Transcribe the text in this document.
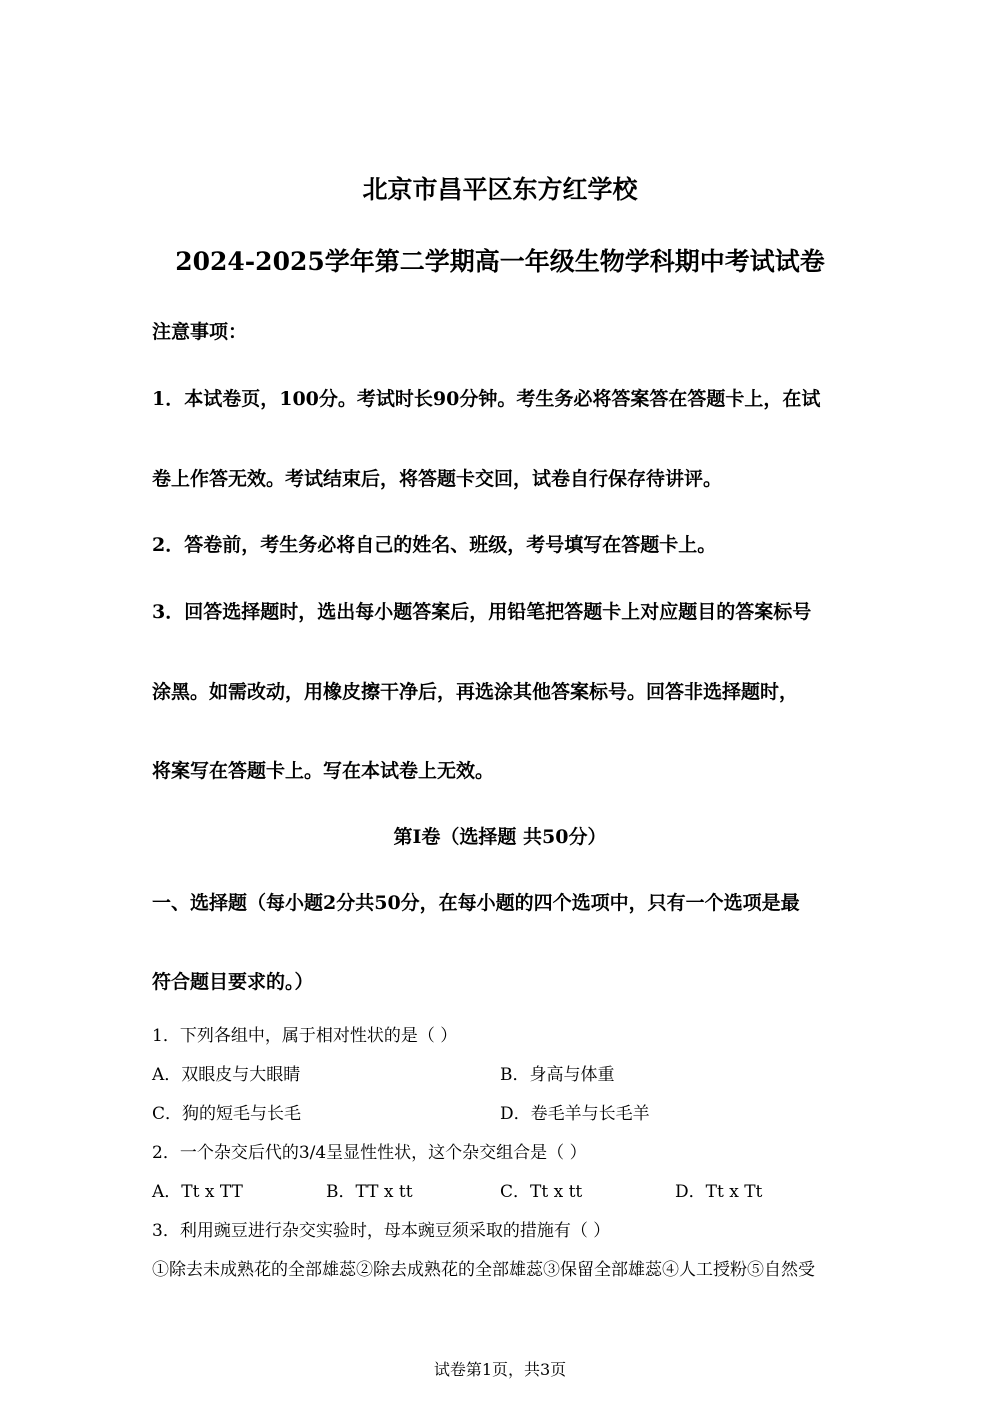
北京市昌平区东方红学校
2024-2025学年第二学期高一年级生物学科期中考试试卷
注意事项：
1．本试卷页，100分。考试时长90分钟。考生务必将答案答在答题卡上，在试
卷上作答无效。考试结束后，将答题卡交回，试卷自行保存待讲评。
2．答卷前，考生务必将自己的姓名、班级，考号填写在答题卡上。
3．回答选择题时，选出每小题答案后，用铅笔把答题卡上对应题目的答案标号
涂黑。如需改动，用橡皮擦干净后，再选涂其他答案标号。回答非选择题时，
将案写在答题卡上。写在本试卷上无效。
第Ⅰ卷（选择题 共50分）
一、选择题（每小题2分共50分，在每小题的四个选项中，只有一个选项是最
符合题目要求的。）
1．下列各组中，属于相对性状的是（ ）
A．双眼皮与大眼睛	B．身高与体重
C．狗的短毛与长毛	D．卷毛羊与长毛羊
2．一个杂交后代的3/4呈显性性状，这个杂交组合是（ ）
A．Tt x TT	B．TT x tt	C．Tt x tt	D．Tt x Tt
3．利用豌豆进行杂交实验时，母本豌豆须采取的措施有（ ）
①除去未成熟花的全部雄蕊②除去成熟花的全部雄蕊③保留全部雄蕊④人工授粉⑤自然受
试卷第1页，共3页
